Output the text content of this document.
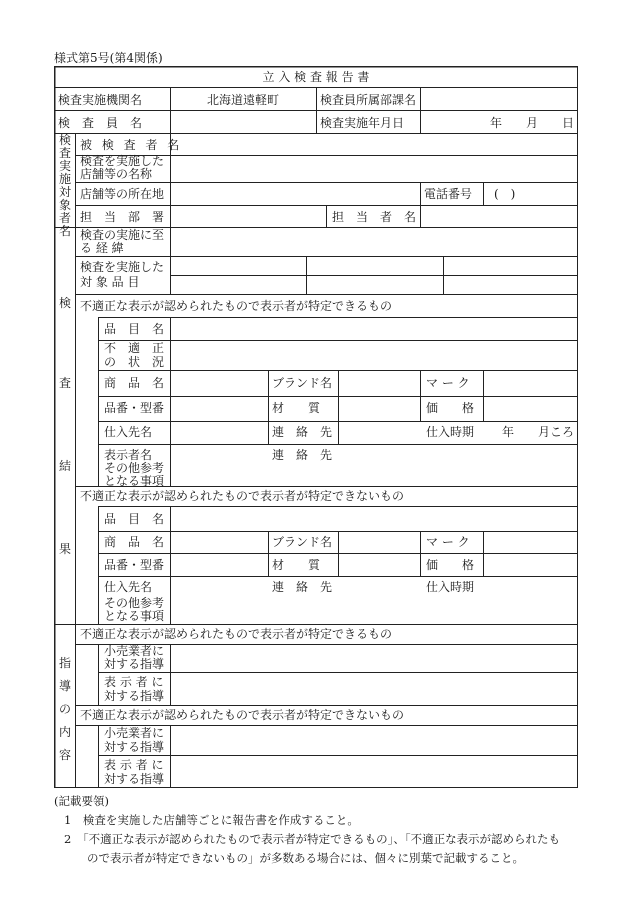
様式第5号(第4関係)
立 入 検 査 報 告 書
検査実施機関名	北海道遠軽町	検査員所属部課名
検　査　員　名	検査実施年月日	年　　月　　日
検査実施対象者名
被 検 査 者 名
検査を実施した店舗等の名称
店舗等の所在地	電話番号 (　)
担　当　部　署	担　当　者　名
検
査
結
果
検査の実施に至 る 経 緯
検査を実施した対 象 品 目
不適正な表示が認められたもので表示者が特定できるもの
品　目　名
不　適　正の　状　況
商　品　名	ブランド名	マ ー ク
品番・型番	材　　質	価　　格
仕入先名	連　絡　先	仕入時期	年　　月ころ
表示者名	連　絡　先
その他参考となる事項
不適正な表示が認められたもので表示者が特定できないもの
品　目　名
商　品　名	ブランド名	マ ー ク
品番・型番	材　　質	価　　格
仕入先名	連　絡　先	仕入時期
その他参考となる事項
指
導
の
内
容
不適正な表示が認められたもので表示者が特定できるもの
小売業者に対する指導
表 示 者 に対する指導
不適正な表示が認められたもので表示者が特定できないもの
小売業者に対する指導
表 示 者 に対する指導
(記載要領)
1　検査を実施した店舗等ごとに報告書を作成すること。
2　「不適正な表示が認められたもので表示者が特定できるもの」、「不適正な表示が認められたも
　　ので表示者が特定できないもの」が多数ある場合には、個々に別葉で記載すること。
